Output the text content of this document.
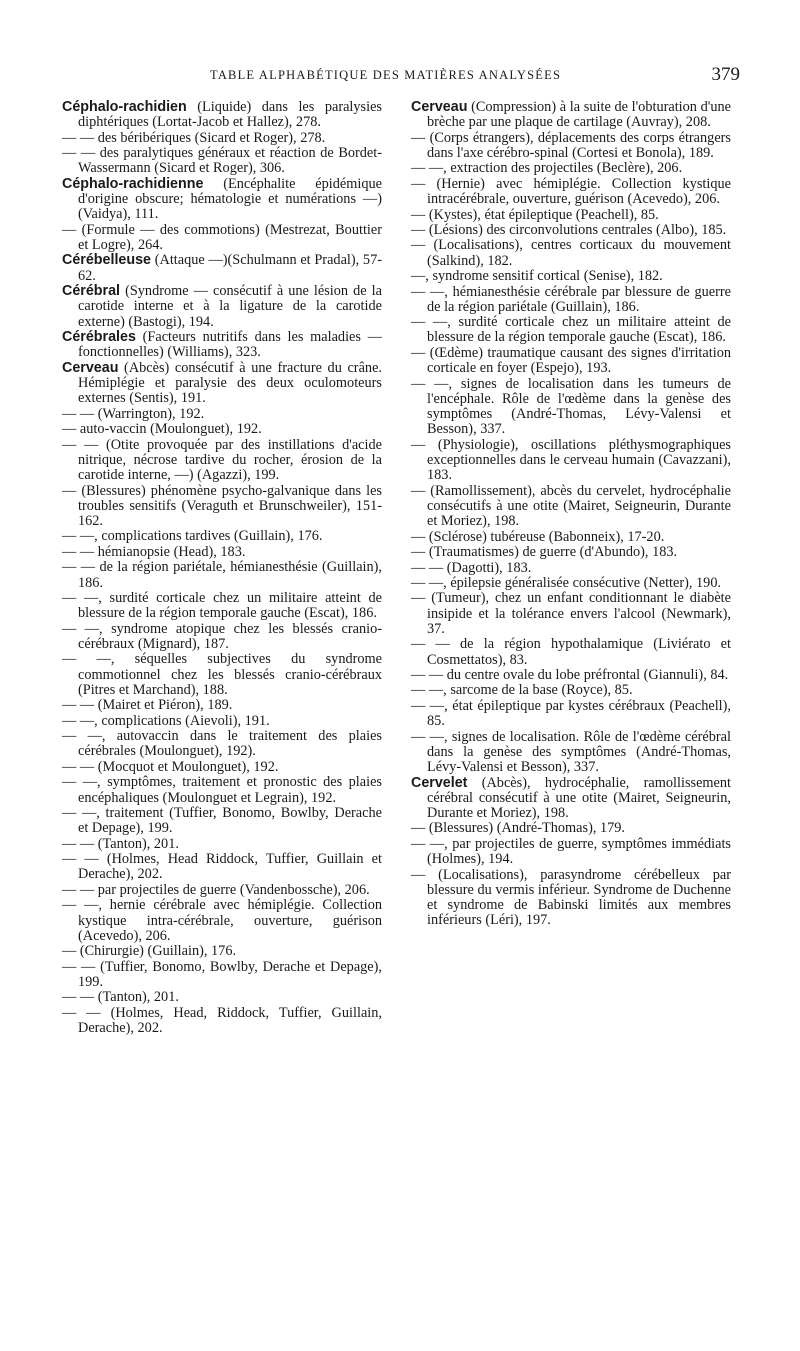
TABLE ALPHABÉTIQUE DES MATIÈRES ANALYSÉES	379

Céphalo-rachidien (Liquide) dans les paralysies diphtériques (Lortat-Jacob et Hallez), 278.

— — des béribériques (Sicard et Roger), 278.

— — des paralytiques généraux et réaction de Bordet-Wassermann (Sicard et Roger), 306.

Céphalo-rachidienne (Encéphalite épidémique d'origine obscure; hématologie et numérations —) (Vaidya), 111.

— (Formule — des commotions) (Mestrezat, Bouttier et Logre), 264.

Cérébelleuse (Attaque —)(Schulmann et Pradal), 57-62.

Cérébral (Syndrome — consécutif à une lésion de la carotide interne et à la ligature de la carotide externe) (Bastogi), 194.

Cérébrales (Facteurs nutritifs dans les maladies — fonctionnelles) (Williams), 323.

Cerveau (Abcès) consécutif à une fracture du crâne. Hémiplégie et paralysie des deux oculomoteurs externes (Sentis), 191.

— — (Warrington), 192.

— auto-vaccin (Moulonguet), 192.

— — (Otite provoquée par des instillations d'acide nitrique, nécrose tardive du rocher, érosion de la carotide interne, —) (Agazzi), 199.

— (Blessures) phénomène psycho-galvanique dans les troubles sensitifs (Veraguth et Brunschweiler), 151-162.

— —, complications tardives (Guillain), 176.

— — hémianopsie (Head), 183.

— — de la région pariétale, hémianesthésie (Guillain), 186.

— —, surdité corticale chez un militaire atteint de blessure de la région temporale gauche (Escat), 186.

— —, syndrome atopique chez les blessés cranio-cérébraux (Mignard), 187.

— —, séquelles subjectives du syndrome commotionnel chez les blessés cranio-cérébraux (Pitres et Marchand), 188.

— — (Mairet et Piéron), 189.

— —, complications (Aievoli), 191.

— —, autovaccin dans le traitement des plaies cérébrales (Moulonguet), 192).

— — (Mocquot et Moulonguet), 192.

— —, symptômes, traitement et pronostic des plaies encéphaliques (Moulonguet et Legrain), 192.

— —, traitement (Tuffier, Bonomo, Bowlby, Derache et Depage), 199.

— — (Tanton), 201.

— — (Holmes, Head Riddock, Tuffier, Guillain et Derache), 202.

— — par projectiles de guerre (Vandenbossche), 206.

— —, hernie cérébrale avec hémiplégie. Collection kystique intra-cérébrale, ouverture, guérison (Acevedo), 206.

— (Chirurgie) (Guillain), 176.

— — (Tuffier, Bonomo, Bowlby, Derache et Depage), 199.

— — (Tanton), 201.

— — (Holmes, Head, Riddock, Tuffier, Guillain, Derache), 202.

Cerveau (Compression) à la suite de l'obturation d'une brèche par une plaque de cartilage (Auvray), 208.

— (Corps étrangers), déplacements des corps étrangers dans l'axe cérébro-spinal (Cortesi et Bonola), 189.

— —, extraction des projectiles (Beclère), 206.

— (Hernie) avec hémiplégie. Collection kystique intracérébrale, ouverture, guérison (Acevedo), 206.

— (Kystes), état épileptique (Peachell), 85.

— (Lésions) des circonvolutions centrales (Albo), 185.

— (Localisations), centres corticaux du mouvement (Salkind), 182.

—, syndrome sensitif cortical (Senise), 182.

— —, hémianesthésie cérébrale par blessure de guerre de la région pariétale (Guillain), 186.

— —, surdité corticale chez un militaire atteint de blessure de la région temporale gauche (Escat), 186.

— (Œdème) traumatique causant des signes d'irritation corticale en foyer (Espejo), 193.

— —, signes de localisation dans les tumeurs de l'encéphale. Rôle de l'œdème dans la genèse des symptômes (André-Thomas, Lévy-Valensi et Besson), 337.

— (Physiologie), oscillations pléthysmographiques exceptionnelles dans le cerveau humain (Cavazzani), 183.

— (Ramollissement), abcès du cervelet, hydrocéphalie consécutifs à une otite (Mairet, Seigneurin, Durante et Moriez), 198.

— (Sclérose) tubéreuse (Babonneix), 17-20.

— (Traumatismes) de guerre (d'Abundo), 183.

— — (Dagotti), 183.

— —, épilepsie généralisée consécutive (Netter), 190.

— (Tumeur), chez un enfant conditionnant le diabète insipide et la tolérance envers l'alcool (Newmark), 37.

— — de la région hypothalamique (Liviérato et Cosmettatos), 83.

— — du centre ovale du lobe préfrontal (Giannuli), 84.

— —, sarcome de la base (Royce), 85.

— —, état épileptique par kystes cérébraux (Peachell), 85.

— —, signes de localisation. Rôle de l'œdème cérébral dans la genèse des symptômes (André-Thomas, Lévy-Valensi et Besson), 337.

Cervelet (Abcès), hydrocéphalie, ramollissement cérébral consécutif à une otite (Mairet, Seigneurin, Durante et Moriez), 198.

— (Blessures) (André-Thomas), 179.

— —, par projectiles de guerre, symptômes immédiats (Holmes), 194.

— (Localisations), parasyndrome cérébelleux par blessure du vermis inférieur. Syndrome de Duchenne et syndrome de Babinski limités aux membres inférieurs (Léri), 197.
